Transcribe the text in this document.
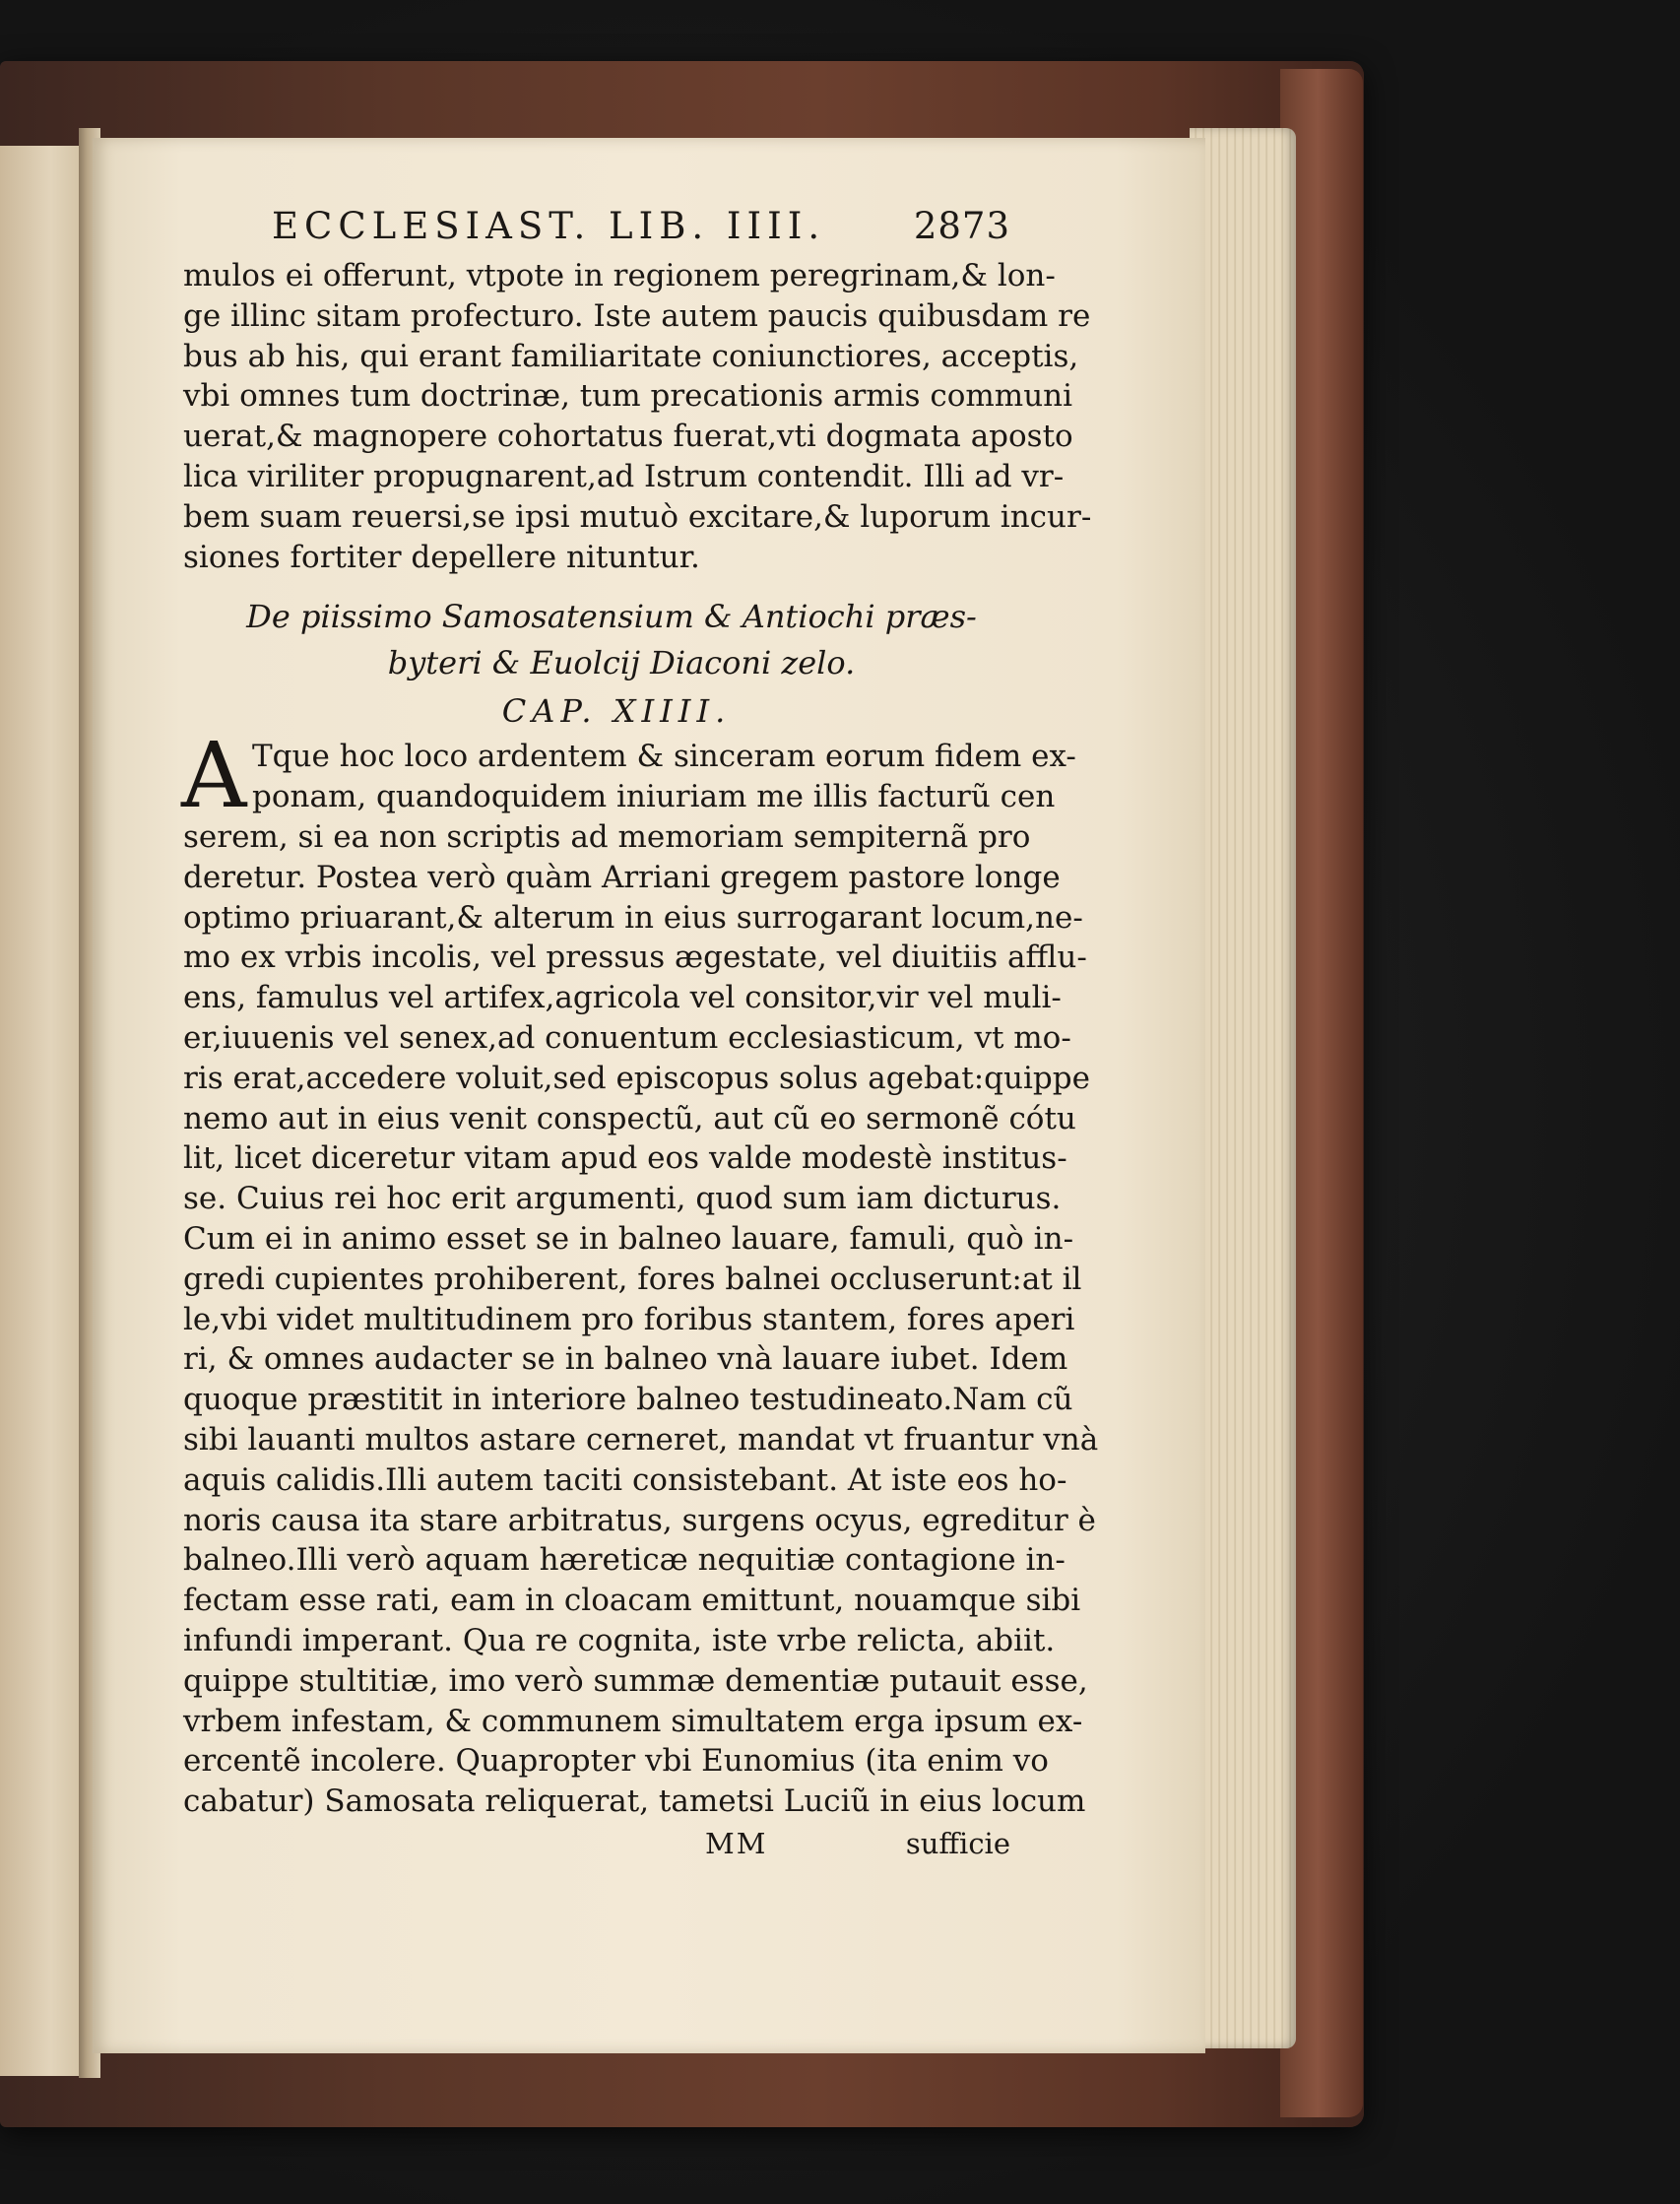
ECCLESIAST. LIB. IIII. 2873
mulos ei offerunt, vtpote in regionem peregrinam,& lon-
ge illinc sitam profecturo. Iste autem paucis quibusdam re
bus ab his, qui erant familiaritate coniunctiores, acceptis,
vbi omnes tum doctrinæ, tum precationis armis communi
uerat,& magnopere cohortatus fuerat,vti dogmata aposto
lica viriliter propugnarent,ad Istrum contendit. Illi ad vr-
bem suam reuersi,se ipsi mutuò excitare,& luporum incur-
siones fortiter depellere nituntur.
De piissimo Samosatensium & Antiochi præs-
byteri & Euolcij Diaconi zelo.
CAP. XIIII.
A Tque hoc loco ardentem & sinceram eorum fidem ex-
ponam, quandoquidem iniuriam me illis facturũ cen
serem, si ea non scriptis ad memoriam sempiternã pro
deretur. Postea verò quàm Arriani gregem pastore longe
optimo priuarant,& alterum in eius surrogarant locum,ne-
mo ex vrbis incolis, vel pressus ægestate, vel diuitiis afflu-
ens, famulus vel artifex,agricola vel consitor,vir vel muli-
er,iuuenis vel senex,ad conuentum ecclesiasticum, vt mo-
ris erat,accedere voluit,sed episcopus solus agebat:quippe
nemo aut in eius venit conspectũ, aut cũ eo sermonẽ cótu
lit, licet diceretur vitam apud eos valde modestè institus-
se. Cuius rei hoc erit argumenti, quod sum iam dicturus.
Cum ei in animo esset se in balneo lauare, famuli, quò in-
gredi cupientes prohiberent, fores balnei occluserunt:at il
le,vbi videt multitudinem pro foribus stantem, fores aperi
ri, & omnes audacter se in balneo vnà lauare iubet. Idem
quoque præstitit in interiore balneo testudineato.Nam cũ
sibi lauanti multos astare cerneret, mandat vt fruantur vnà
aquis calidis.Illi autem taciti consistebant. At iste eos ho-
noris causa ita stare arbitratus, surgens ocyus, egreditur è
balneo.Illi verò aquam hæreticæ nequitiæ contagione in-
fectam esse rati, eam in cloacam emittunt, nouamque sibi
infundi imperant. Qua re cognita, iste vrbe relicta, abiit.
quippe stultitiæ, imo verò summæ dementiæ putauit esse,
vrbem infestam, & communem simultatem erga ipsum ex-
ercentẽ incolere. Quapropter vbi Eunomius (ita enim vo
cabatur) Samosata reliquerat, tametsi Luciũ in eius locum
MM	sufficie
